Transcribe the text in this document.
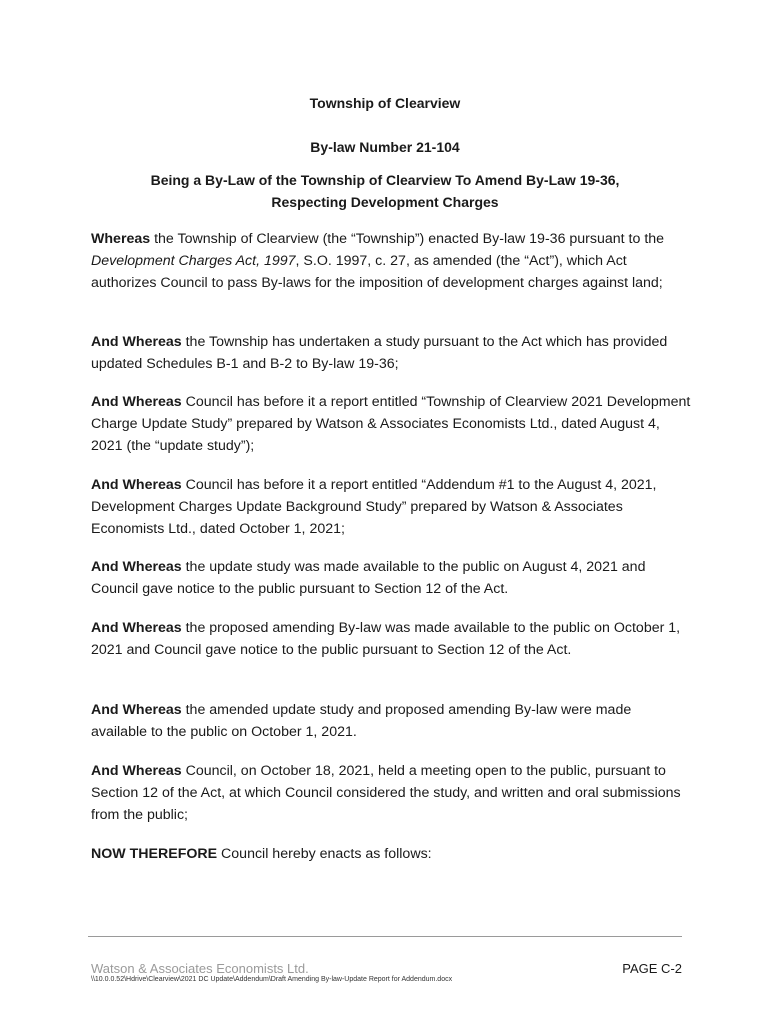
Township of Clearview
By-law Number 21-104
Being a By-Law of the Township of Clearview To Amend By-Law 19-36,
Respecting Development Charges
Whereas the Township of Clearview (the “Township”) enacted By-law 19-36 pursuant to the Development Charges Act, 1997, S.O. 1997, c. 27, as amended (the “Act”), which Act authorizes Council to pass By-laws for the imposition of development charges against land;
And Whereas the Township has undertaken a study pursuant to the Act which has provided updated Schedules B-1 and B-2 to By-law 19-36;
And Whereas Council has before it a report entitled “Township of Clearview 2021 Development Charge Update Study” prepared by Watson & Associates Economists Ltd., dated August 4, 2021 (the “update study”);
And Whereas Council has before it a report entitled “Addendum #1 to the August 4, 2021, Development Charges Update Background Study” prepared by Watson & Associates Economists Ltd., dated October 1, 2021;
And Whereas the update study was made available to the public on August 4, 2021 and Council gave notice to the public pursuant to Section 12 of the Act.
And Whereas the proposed amending By-law was made available to the public on October 1, 2021 and Council gave notice to the public pursuant to Section 12 of the Act.
And Whereas the amended update study and proposed amending By-law were made available to the public on October 1, 2021.
And Whereas Council, on October 18, 2021, held a meeting open to the public, pursuant to Section 12 of the Act, at which Council considered the study, and written and oral submissions from the public;
NOW THEREFORE Council hereby enacts as follows:
Watson & Associates Economists Ltd.	PAGE C-2
\\10.0.0.52\Hdrive\Clearview\2021 DC Update\Addendum\Draft Amending By-law-Update Report for Addendum.docx
